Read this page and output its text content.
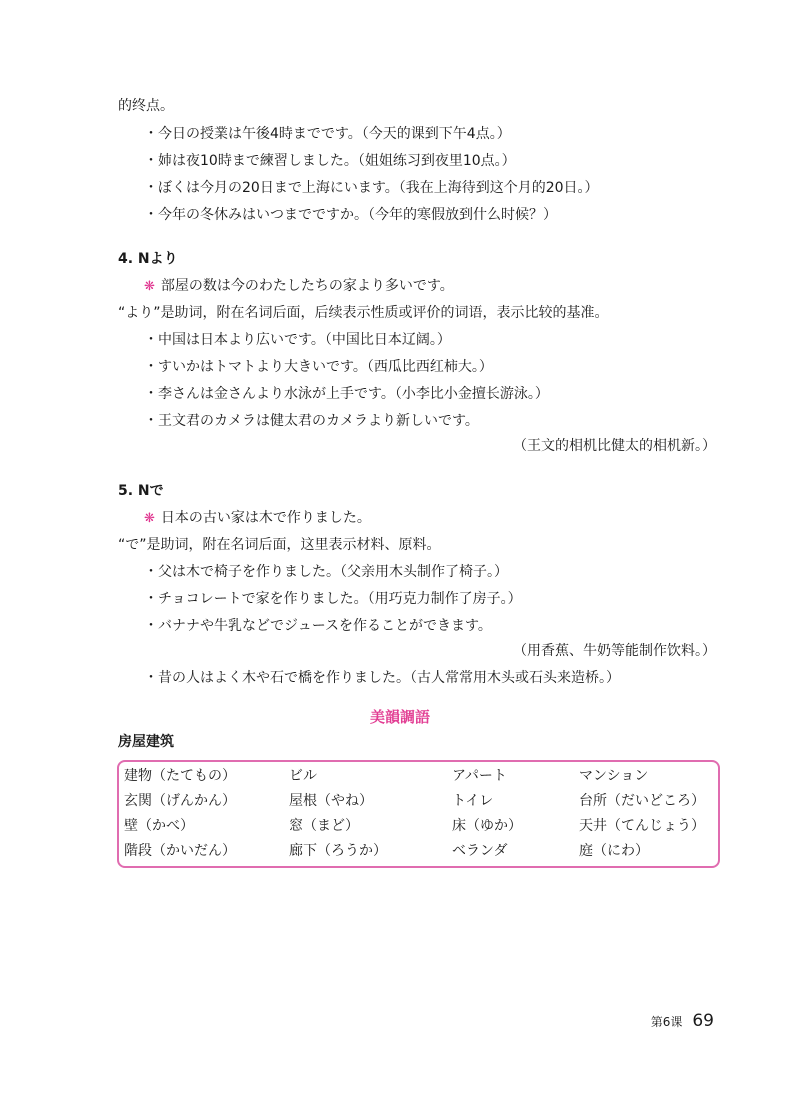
的终点。
・今日の授業は午後4時までです。（今天的课到下午4点。）
・姉は夜10時まで練習しました。（姐姐练习到夜里10点。）
・ぼくは今月の20日まで上海にいます。（我在上海待到这个月的20日。）
・今年の冬休みはいつまでですか。（今年的寒假放到什么时候？）
4. Nより
❋ 部屋の数は今のわたしたちの家より多いです。
“より”是助词，附在名词后面，后续表示性质或评价的词语，表示比较的基准。
・中国は日本より広いです。（中国比日本辽阔。）
・すいかはトマトより大きいです。（西瓜比西红柿大。）
・李さんは金さんより水泳が上手です。（小李比小金擅长游泳。）
・王文君のカメラは健太君のカメラより新しいです。
（王文的相机比健太的相机新。）
5. Nで
❋ 日本の古い家は木で作りました。
“で”是助词，附在名词后面，这里表示材料、原料。
・父は木で椅子を作りました。（父亲用木头制作了椅子。）
・チョコレートで家を作りました。（用巧克力制作了房子。）
・バナナや牛乳などでジュースを作ることができます。
（用香蕉、牛奶等能制作饮料。）
・昔の人はよく木や石で橋を作りました。（古人常常用木头或石头来造桥。）
美韻調語
房屋建筑
建物（たてもの）	ビル	アパート	マンション
玄関（げんかん）	屋根（やね）	トイレ	台所（だいどころ）
壁（かべ）	窓（まど）	床（ゆか）	天井（てんじょう）
階段（かいだん）	廊下（ろうか）	ベランダ	庭（にわ）
第6课 69
